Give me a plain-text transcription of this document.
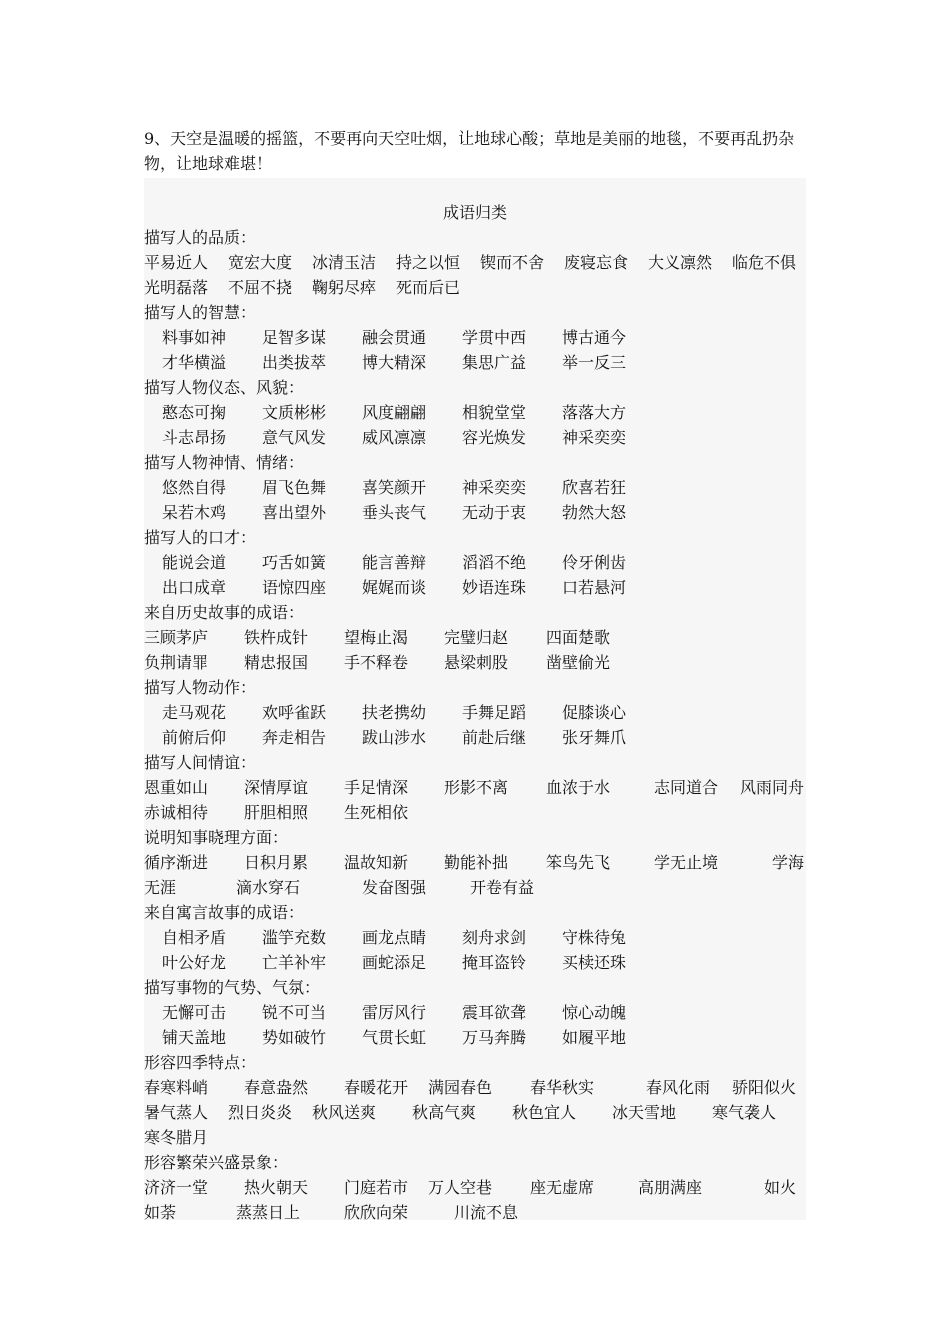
9、天空是温暖的摇篮，不要再向天空吐烟，让地球心酸；草地是美丽的地毯，不要再乱扔杂物，让地球难堪！

成语归类
描写人的品质：
平易近人 宽宏大度 冰清玉洁 持之以恒 锲而不舍 废寝忘食 大义凛然 临危不俱
光明磊落 不屈不挠 鞠躬尽瘁 死而后已
描写人的智慧：
料事如神 足智多谋 融会贯通 学贯中西 博古通今
才华横溢 出类拔萃 博大精深 集思广益 举一反三
描写人物仪态、风貌：
憨态可掬 文质彬彬 风度翩翩 相貌堂堂 落落大方
斗志昂扬 意气风发 威风凛凛 容光焕发 神采奕奕
描写人物神情、情绪：
悠然自得 眉飞色舞 喜笑颜开 神采奕奕 欣喜若狂
呆若木鸡 喜出望外 垂头丧气 无动于衷 勃然大怒
描写人的口才：
能说会道 巧舌如簧 能言善辩 滔滔不绝 伶牙俐齿
出口成章 语惊四座 娓娓而谈 妙语连珠 口若悬河
来自历史故事的成语：
三顾茅庐 铁杵成针 望梅止渴 完璧归赵 四面楚歌
负荆请罪 精忠报国 手不释卷 悬梁刺股 凿壁偷光
描写人物动作：
走马观花 欢呼雀跃 扶老携幼 手舞足蹈 促膝谈心
前俯后仰 奔走相告 跋山涉水 前赴后继 张牙舞爪
描写人间情谊：
恩重如山 深情厚谊 手足情深 形影不离 血浓于水	志同道合 风雨同舟
赤诚相待 肝胆相照 生死相依
说明知事晓理方面：
循序渐进 日积月累 温故知新 勤能补拙 笨鸟先飞	学无止境	学海
无涯	滴水穿石	发奋图强	开卷有益
来自寓言故事的成语：
自相矛盾 滥竽充数 画龙点睛 刻舟求剑 守株待兔
叶公好龙 亡羊补牢 画蛇添足 掩耳盗铃 买椟还珠
描写事物的气势、气氛：
无懈可击 锐不可当 雷厉风行 震耳欲聋 惊心动魄
铺天盖地 势如破竹 气贯长虹 万马奔腾 如履平地
形容四季特点：
春寒料峭 春意盎然 春暖花开 满园春色 春华秋实	春风化雨 骄阳似火
暑气蒸人 烈日炎炎 秋风送爽 秋高气爽 秋色宜人 冰天雪地 寒气袭人
寒冬腊月
形容繁荣兴盛景象：
济济一堂 热火朝天 门庭若市 万人空巷 座无虚席	高朋满座	如火
如荼	蒸蒸日上	欣欣向荣	川流不息
